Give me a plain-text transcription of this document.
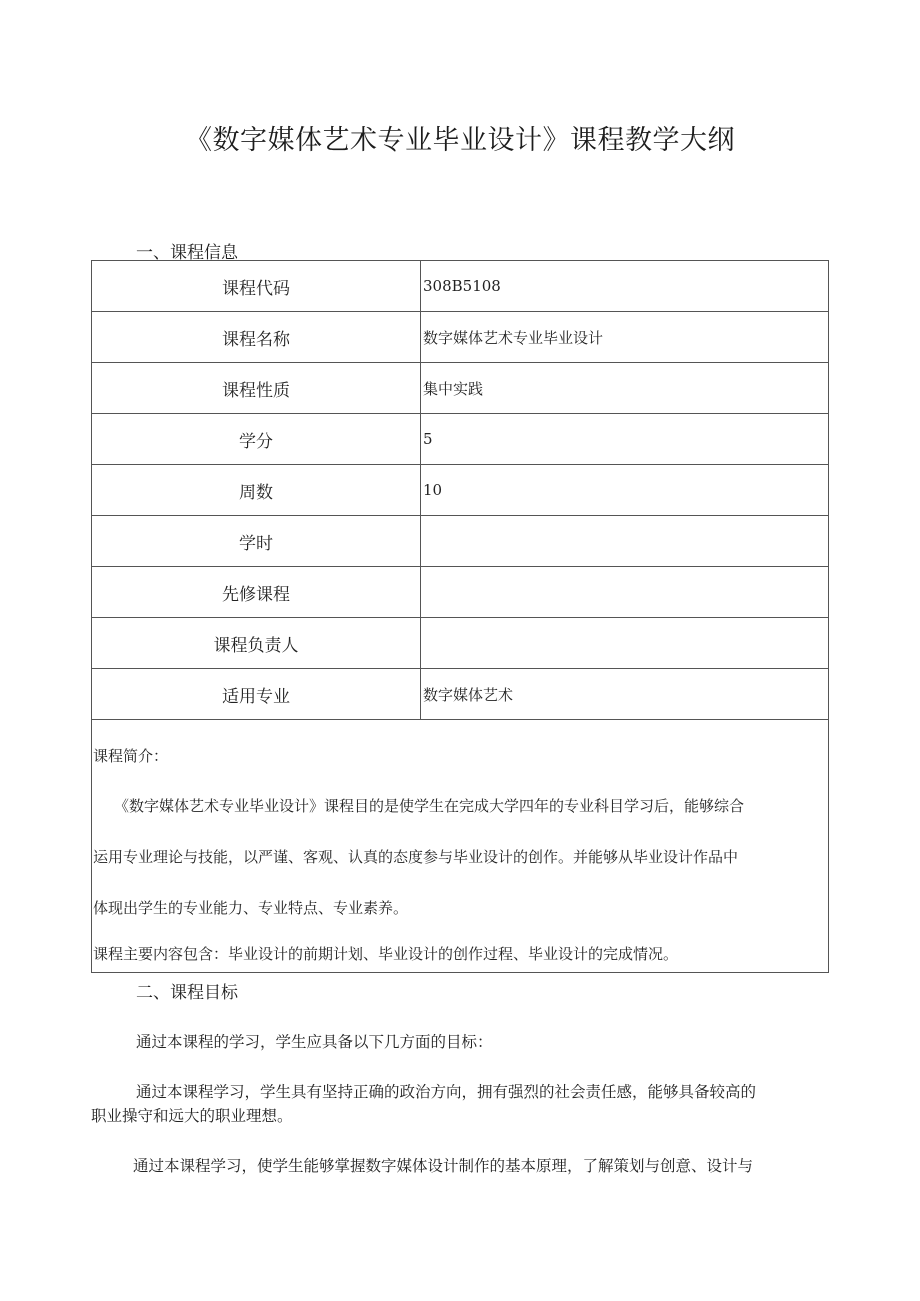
《数字媒体艺术专业毕业设计》课程教学大纲
一、课程信息
课程代码	308B5108
课程名称	数字媒体艺术专业毕业设计
课程性质	集中实践
学分	5
周数	10
学时	
先修课程	
课程负责人	
适用专业	数字媒体艺术

课程简介：
《数字媒体艺术专业毕业设计》课程目的是使学生在完成大学四年的专业科目学习后，能够综合
运用专业理论与技能，以严谨、客观、认真的态度参与毕业设计的创作。并能够从毕业设计作品中
体现出学生的专业能力、专业特点、专业素养。
课程主要内容包含：毕业设计的前期计划、毕业设计的创作过程、毕业设计的完成情况。	
二、课程目标
通过本课程的学习，学生应具备以下几方面的目标：
通过本课程学习，学生具有坚持正确的政治方向，拥有强烈的社会责任感，能够具备较高的
职业操守和远大的职业理想。
通过本课程学习，使学生能够掌握数字媒体设计制作的基本原理，了解策划与创意、设计与
